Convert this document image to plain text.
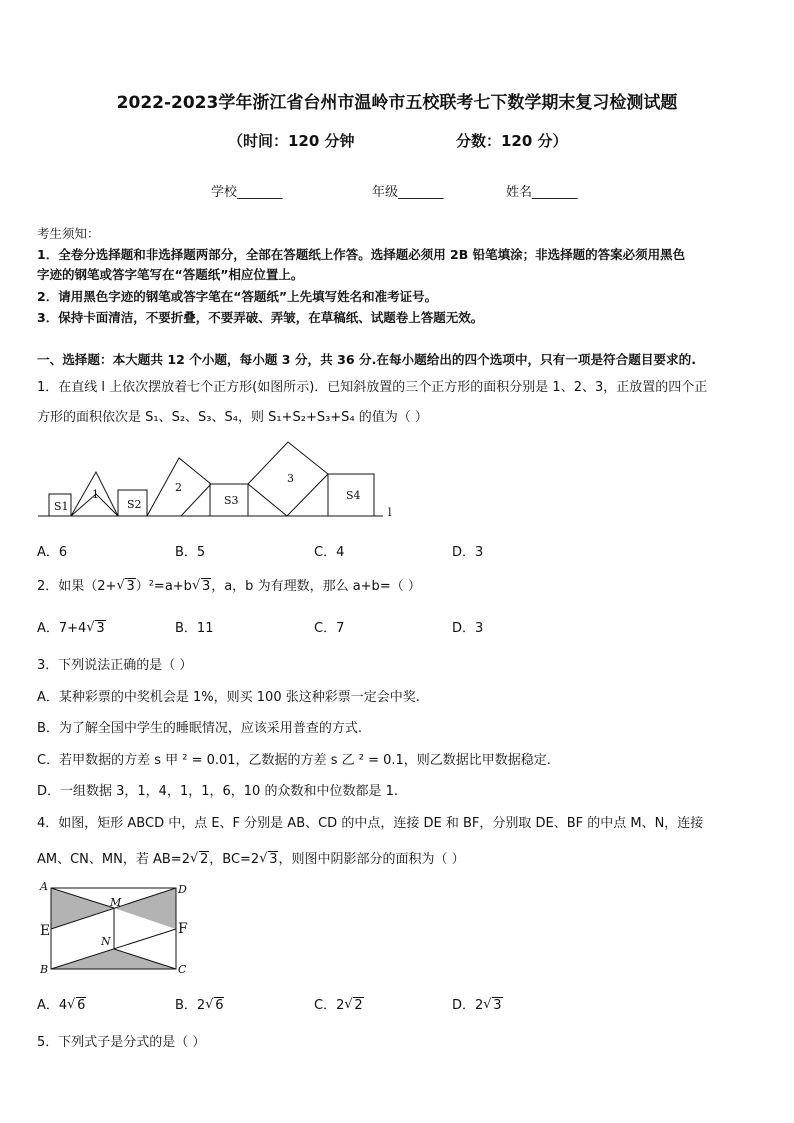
2022-2023学年浙江省台州市温岭市五校联考七下数学期末复习检测试题
（时间：120 分钟	分数：120 分）
学校_______	年级_______	姓名_______
考生须知：
1．全卷分选择题和非选择题两部分，全部在答题纸上作答。选择题必须用 2B 铅笔填涂；非选择题的答案必须用黑色
字迹的钢笔或答字笔写在“答题纸”相应位置上。
2．请用黑色字迹的钢笔或答字笔在“答题纸”上先填写姓名和准考证号。
3．保持卡面清洁，不要折叠，不要弄破、弄皱，在草稿纸、试题卷上答题无效。
一、选择题：本大题共 12 个小题，每小题 3 分，共 36 分.在每小题给出的四个选项中，只有一项是符合题目要求的.
1．在直线 l 上依次摆放着七个正方形(如图所示)．已知斜放置的三个正方形的面积分别是 1、2、3，正放置的四个正
方形的面积依次是 S₁、S₂、S₃、S₄，则 S₁+S₂+S₃+S₄ 的值为（ ）
S1
1
S2
2
S3
3
S4
l
A．6	B．5	C．4	D．3
2．如果（2+ √ 3）²=a+b √ 3，a，b 为有理数，那么 a+b=（ ）
A．7+4 √ 3	B．11	C．7	D．3
3．下列说法正确的是（ ）
A．某种彩票的中奖机会是 1%，则买 100 张这种彩票一定会中奖.
B．为了解全国中学生的睡眠情况，应该采用普查的方式.
C．若甲数据的方差 s 甲 ² = 0.01，乙数据的方差 s 乙 ² = 0.1，则乙数据比甲数据稳定.
D．一组数据 3，1，4，1，1，6，10 的众数和中位数都是 1.
4．如图，矩形 ABCD 中，点 E、F 分别是 AB、CD 的中点，连接 DE 和 BF，分别取 DE、BF 的中点 M、N，连接
AM、CN、MN，若 AB=2 √ 2，BC=2 √ 3，则图中阴影部分的面积为（ ）
A	D
M
E	F
N
B	C
A．4 √ 6	B．2 √ 6	C．2 √ 2	D．2 √ 3
5．下列式子是分式的是（ ）
